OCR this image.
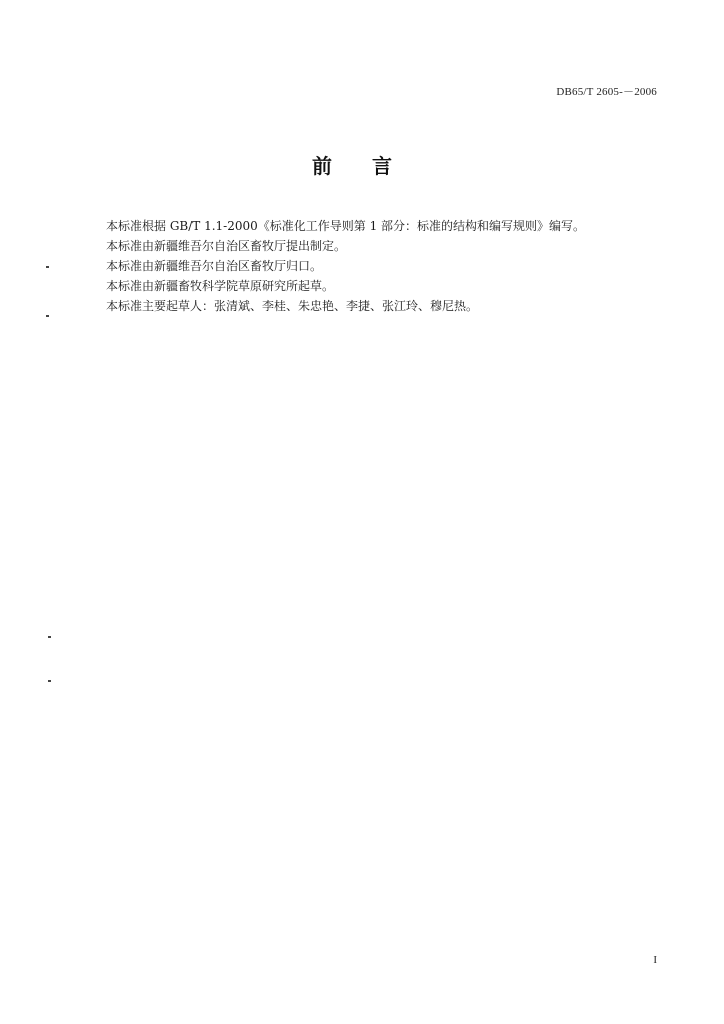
DB65/T 2605-－2006
前言
本标准根据 GB/T 1.1-2000《标准化工作导则第 1 部分：标准的结构和编写规则》编写。
本标准由新疆维吾尔自治区畜牧厅提出制定。
本标准由新疆维吾尔自治区畜牧厅归口。
本标准由新疆畜牧科学院草原研究所起草。
本标准主要起草人：张清斌、李桂、朱忠艳、李捷、张江玲、穆尼热。
I
